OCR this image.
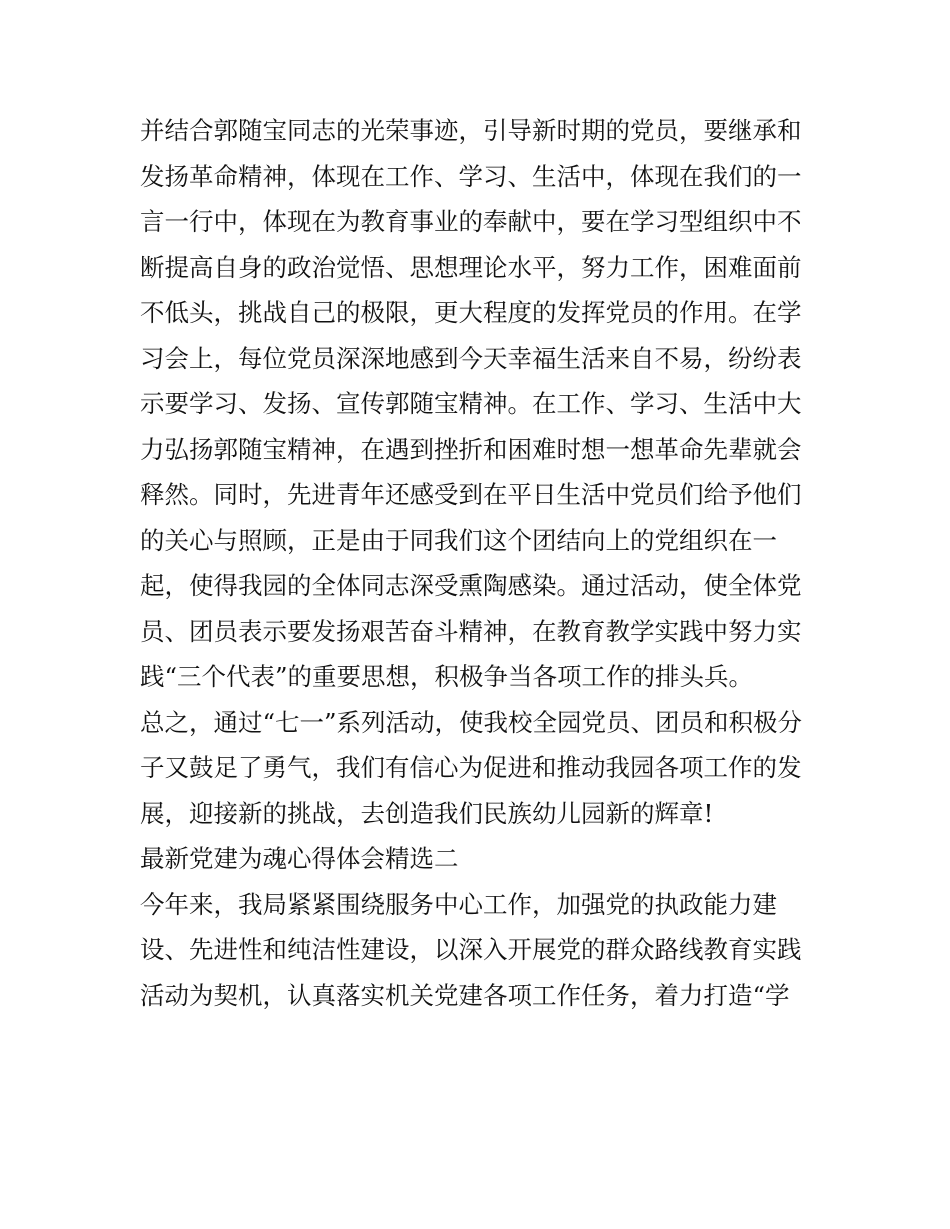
并结合郭随宝同志的光荣事迹，引导新时期的党员，要继承和

发扬革命精神，体现在工作、学习、生活中，体现在我们的一

言一行中，体现在为教育事业的奉献中，要在学习型组织中不

断提高自身的政治觉悟、思想理论水平，努力工作，困难面前

不低头，挑战自己的极限，更大程度的发挥党员的作用。在学

习会上，每位党员深深地感到今天幸福生活来自不易，纷纷表

示要学习、发扬、宣传郭随宝精神。在工作、学习、生活中大

力弘扬郭随宝精神，在遇到挫折和困难时想一想革命先辈就会

释然。同时，先进青年还感受到在平日生活中党员们给予他们

的关心与照顾，正是由于同我们这个团结向上的党组织在一

起，使得我园的全体同志深受熏陶感染。通过活动，使全体党

员、团员表示要发扬艰苦奋斗精神，在教育教学实践中努力实

践“三个代表”的重要思想，积极争当各项工作的排头兵。

总之，通过“七一”系列活动，使我校全园党员、团员和积极分

子又鼓足了勇气，我们有信心为促进和推动我园各项工作的发

展，迎接新的挑战，去创造我们民族幼儿园新的辉章!

最新党建为魂心得体会精选二

今年来，我局紧紧围绕服务中心工作，加强党的执政能力建

设、先进性和纯洁性建设，以深入开展党的群众路线教育实践

活动为契机，认真落实机关党建各项工作任务，着力打造“学
